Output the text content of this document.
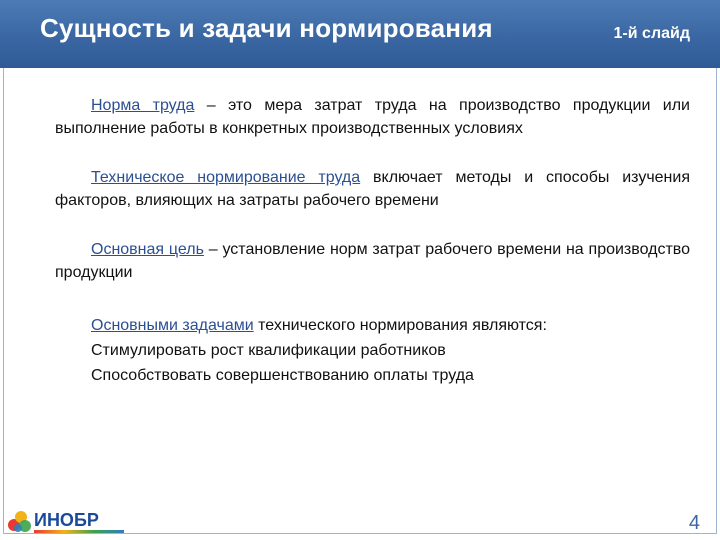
Сущность и задачи нормирования	1-й слайд

Норма труда – это мера затрат труда на производство продукции или выполнение работы в конкретных производственных условиях

Техническое нормирование труда включает методы и способы изучения факторов, влияющих на затраты рабочего времени

Основная цель – установление норм затрат рабочего времени на производство продукции

Основными задачами технического нормирования являются:
Стимулировать рост квалификации работников
Способствовать совершенствованию оплаты труда
ИНОБР	4
